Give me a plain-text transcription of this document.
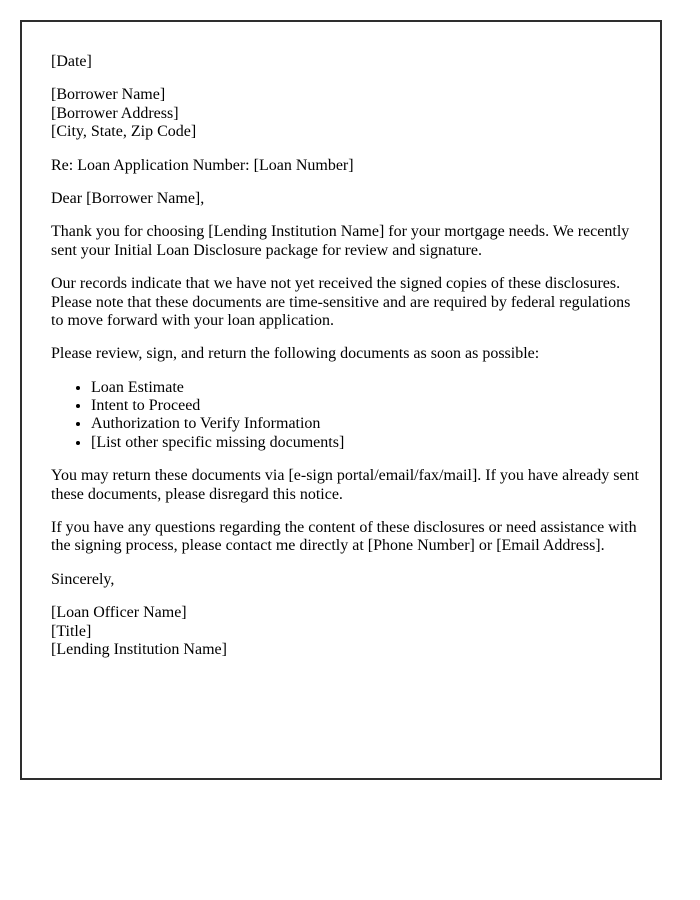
[Date]
[Borrower Name]
[Borrower Address]
[City, State, Zip Code]
Re: Loan Application Number: [Loan Number]
Dear [Borrower Name],
Thank you for choosing [Lending Institution Name] for your mortgage needs. We recently sent your Initial Loan Disclosure package for review and signature.
Our records indicate that we have not yet received the signed copies of these disclosures. Please note that these documents are time-sensitive and are required by federal regulations to move forward with your loan application.
Please review, sign, and return the following documents as soon as possible:
• Loan Estimate
• Intent to Proceed
• Authorization to Verify Information
• [List other specific missing documents]
You may return these documents via [e-sign portal/email/fax/mail]. If you have already sent these documents, please disregard this notice.
If you have any questions regarding the content of these disclosures or need assistance with the signing process, please contact me directly at [Phone Number] or [Email Address].
Sincerely,
[Loan Officer Name]
[Title]
[Lending Institution Name]
